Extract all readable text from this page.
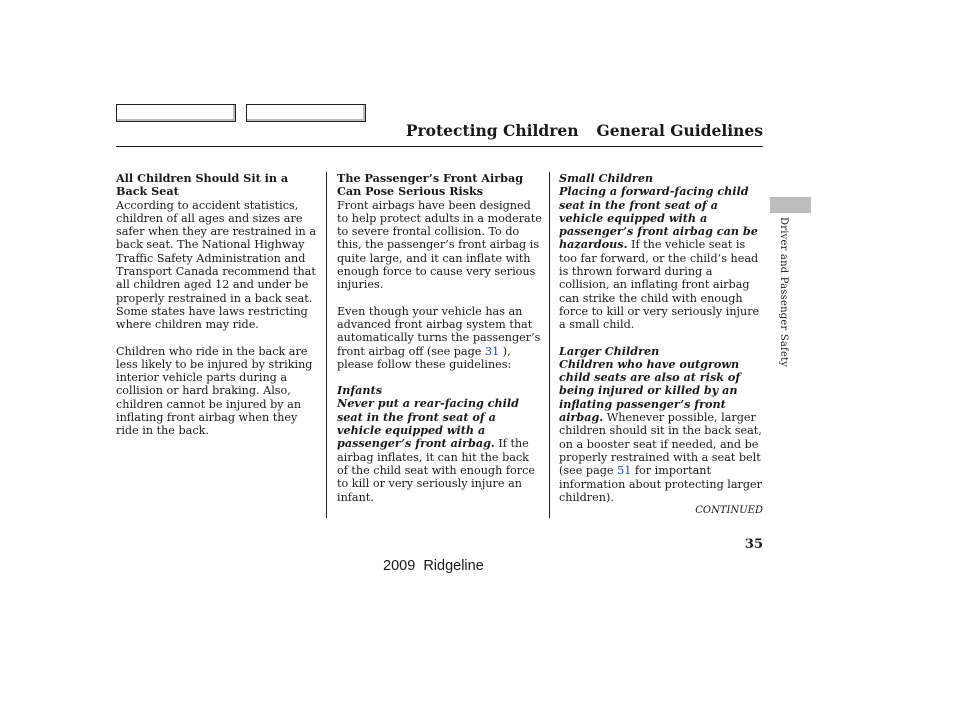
Protecting Children General Guidelines
Driver and Passenger Safety
All Children Should Sit in a Back Seat

According to accident statistics, children of all ages and sizes are safer when they are restrained in a back seat. The National Highway Traffic Safety Administration and Transport Canada recommend that all children aged 12 and under be properly restrained in a back seat. Some states have laws restricting where children may ride.

Children who ride in the back are less likely to be injured by striking interior vehicle parts during a collision or hard braking. Also, children cannot be injured by an inflating front airbag when they ride in the back.

The Passenger’s Front Airbag Can Pose Serious Risks

Front airbags have been designed to help protect adults in a moderate to severe frontal collision. To do this, the passenger’s front airbag is quite large, and it can inflate with enough force to cause very serious injuries.

Even though your vehicle has an advanced front airbag system that automatically turns the passenger’s front airbag off (see page 31 ), please follow these guidelines:

Infants

Never put a rear-facing child seat in the front seat of a vehicle equipped with a passenger’s front airbag. If the airbag inflates, it can hit the back of the child seat with enough force to kill or very seriously injure an infant.

Small Children

Placing a forward-facing child seat in the front seat of a vehicle equipped with a passenger’s front airbag can be hazardous. If the vehicle seat is too far forward, or the child’s head is thrown forward during a collision, an inflating front airbag can strike the child with enough force to kill or very seriously injure a small child.

Larger Children

Children who have outgrown child seats are also at risk of being injured or killed by an inflating passenger’s front airbag. Whenever possible, larger children should sit in the back seat, on a booster seat if needed, and be properly restrained with a seat belt (see page 51 for important information about protecting larger children).

CONTINUED
35
2009  Ridgeline
